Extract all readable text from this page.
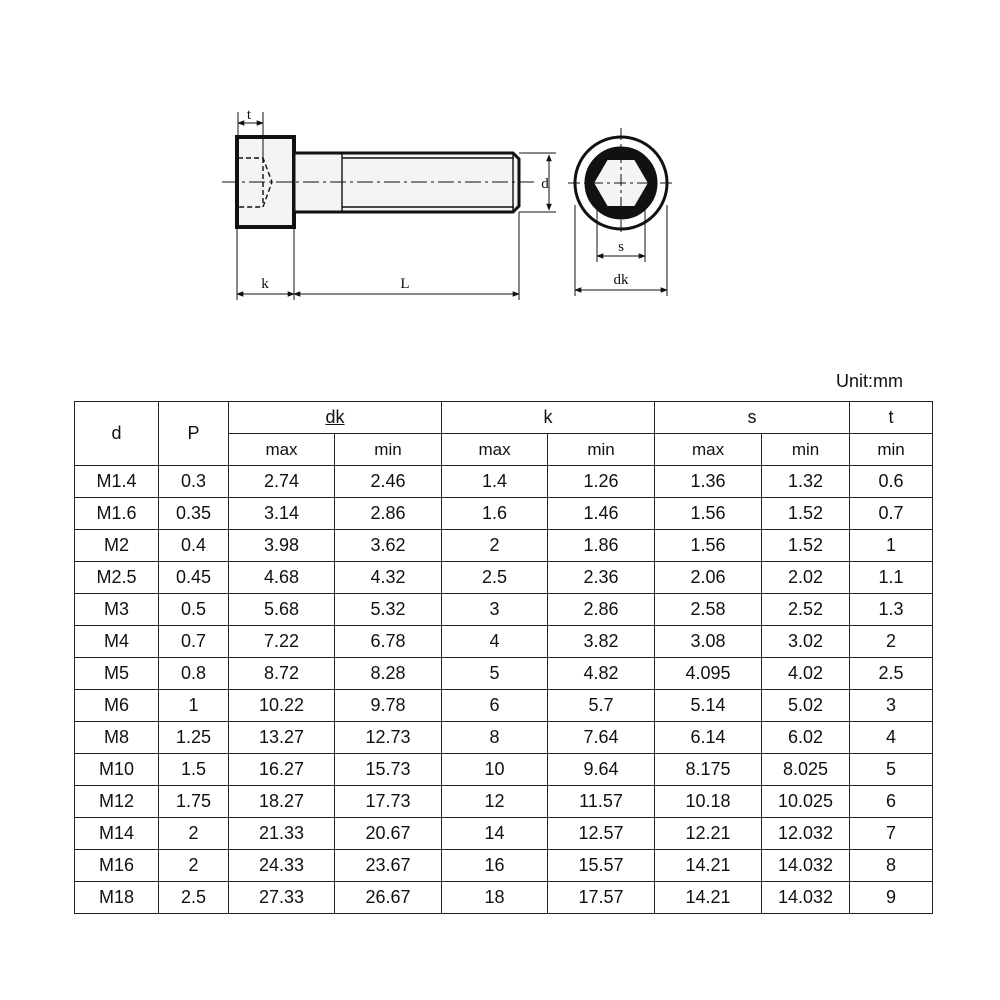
t
d
k	L
s
dk
Unit:mm
d	P	dk		k		s		t
		max	min	max	min	max	min	min
M1.4	0.3	2.74	2.46	1.4	1.26	1.36	1.32	0.6
M1.6	0.35	3.14	2.86	1.6	1.46	1.56	1.52	0.7
M2	0.4	3.98	3.62	2	1.86	1.56	1.52	1
M2.5	0.45	4.68	4.32	2.5	2.36	2.06	2.02	1.1
M3	0.5	5.68	5.32	3	2.86	2.58	2.52	1.3
M4	0.7	7.22	6.78	4	3.82	3.08	3.02	2
M5	0.8	8.72	8.28	5	4.82	4.095	4.02	2.5
M6	1	10.22	9.78	6	5.7	5.14	5.02	3
M8	1.25	13.27	12.73	8	7.64	6.14	6.02	4
M10	1.5	16.27	15.73	10	9.64	8.175	8.025	5
M12	1.75	18.27	17.73	12	11.57	10.18	10.025	6
M14	2	21.33	20.67	14	12.57	12.21	12.032	7
M16	2	24.33	23.67	16	15.57	14.21	14.032	8
M18	2.5	27.33	26.67	18	17.57	14.21	14.032	9
